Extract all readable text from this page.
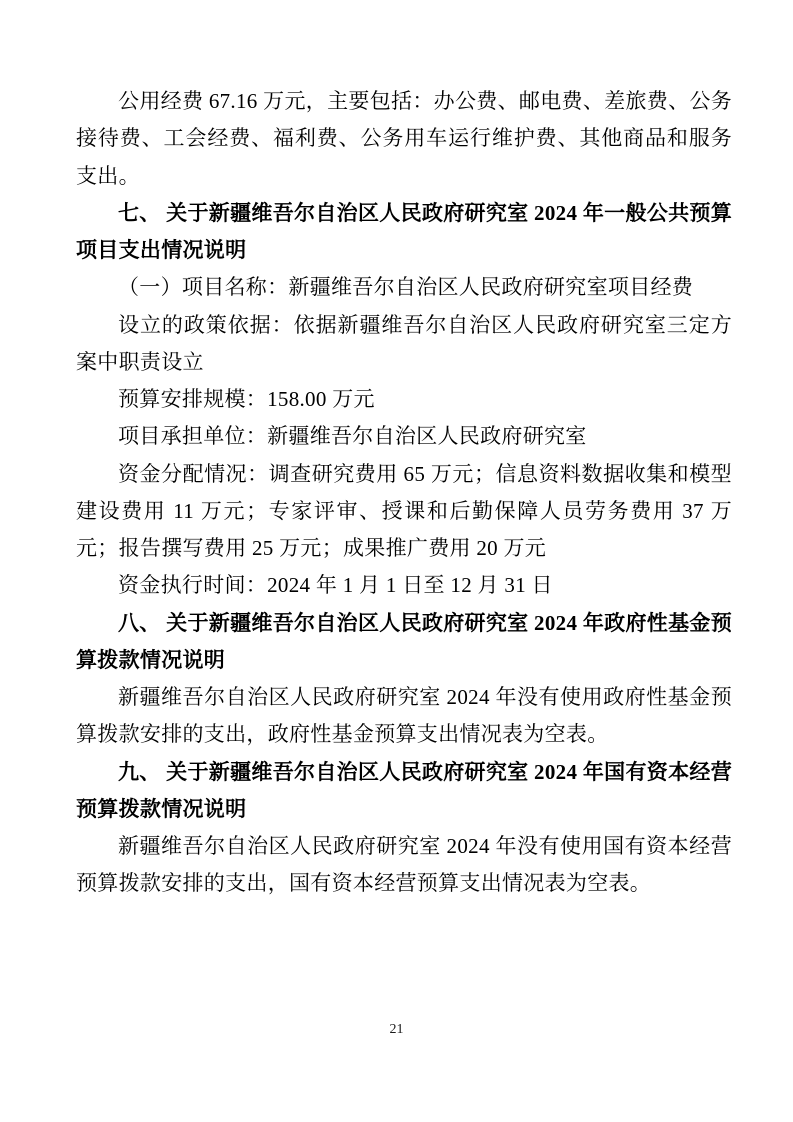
公用经费 67.16 万元，主要包括：办公费、邮电费、差旅费、公务接待费、工会经费、福利费、公务用车运行维护费、其他商品和服务支出。

七、 关于新疆维吾尔自治区人民政府研究室 2024 年一般公共预算项目支出情况说明

（一）项目名称：新疆维吾尔自治区人民政府研究室项目经费

设立的政策依据：依据新疆维吾尔自治区人民政府研究室三定方案中职责设立

预算安排规模：158.00 万元

项目承担单位：新疆维吾尔自治区人民政府研究室

资金分配情况：调查研究费用 65 万元；信息资料数据收集和模型建设费用 11 万元；专家评审、授课和后勤保障人员劳务费用 37 万元；报告撰写费用 25 万元；成果推广费用 20 万元

资金执行时间：2024 年 1 月 1 日至 12 月 31 日

八、 关于新疆维吾尔自治区人民政府研究室 2024 年政府性基金预算拨款情况说明

新疆维吾尔自治区人民政府研究室 2024 年没有使用政府性基金预算拨款安排的支出，政府性基金预算支出情况表为空表。

九、 关于新疆维吾尔自治区人民政府研究室 2024 年国有资本经营预算拨款情况说明

新疆维吾尔自治区人民政府研究室 2024 年没有使用国有资本经营预算拨款安排的支出，国有资本经营预算支出情况表为空表。

21
